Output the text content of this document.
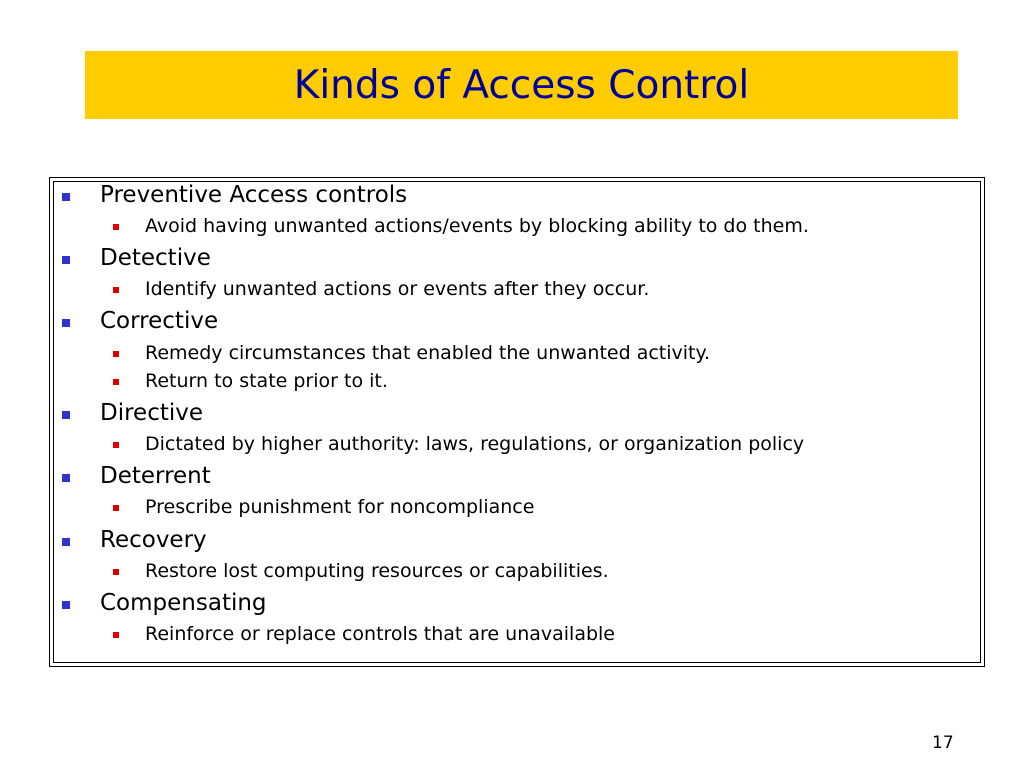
Kinds of Access Control
Preventive Access controls
Avoid having unwanted actions/events by blocking ability to do them.
Detective
Identify unwanted actions or events after they occur.
Corrective
Remedy circumstances that enabled the unwanted activity.
Return to state prior to it.
Directive
Dictated by higher authority: laws, regulations, or organization policy
Deterrent
Prescribe punishment for noncompliance
Recovery
Restore lost computing resources or capabilities.
Compensating
Reinforce or replace controls that are unavailable
17
